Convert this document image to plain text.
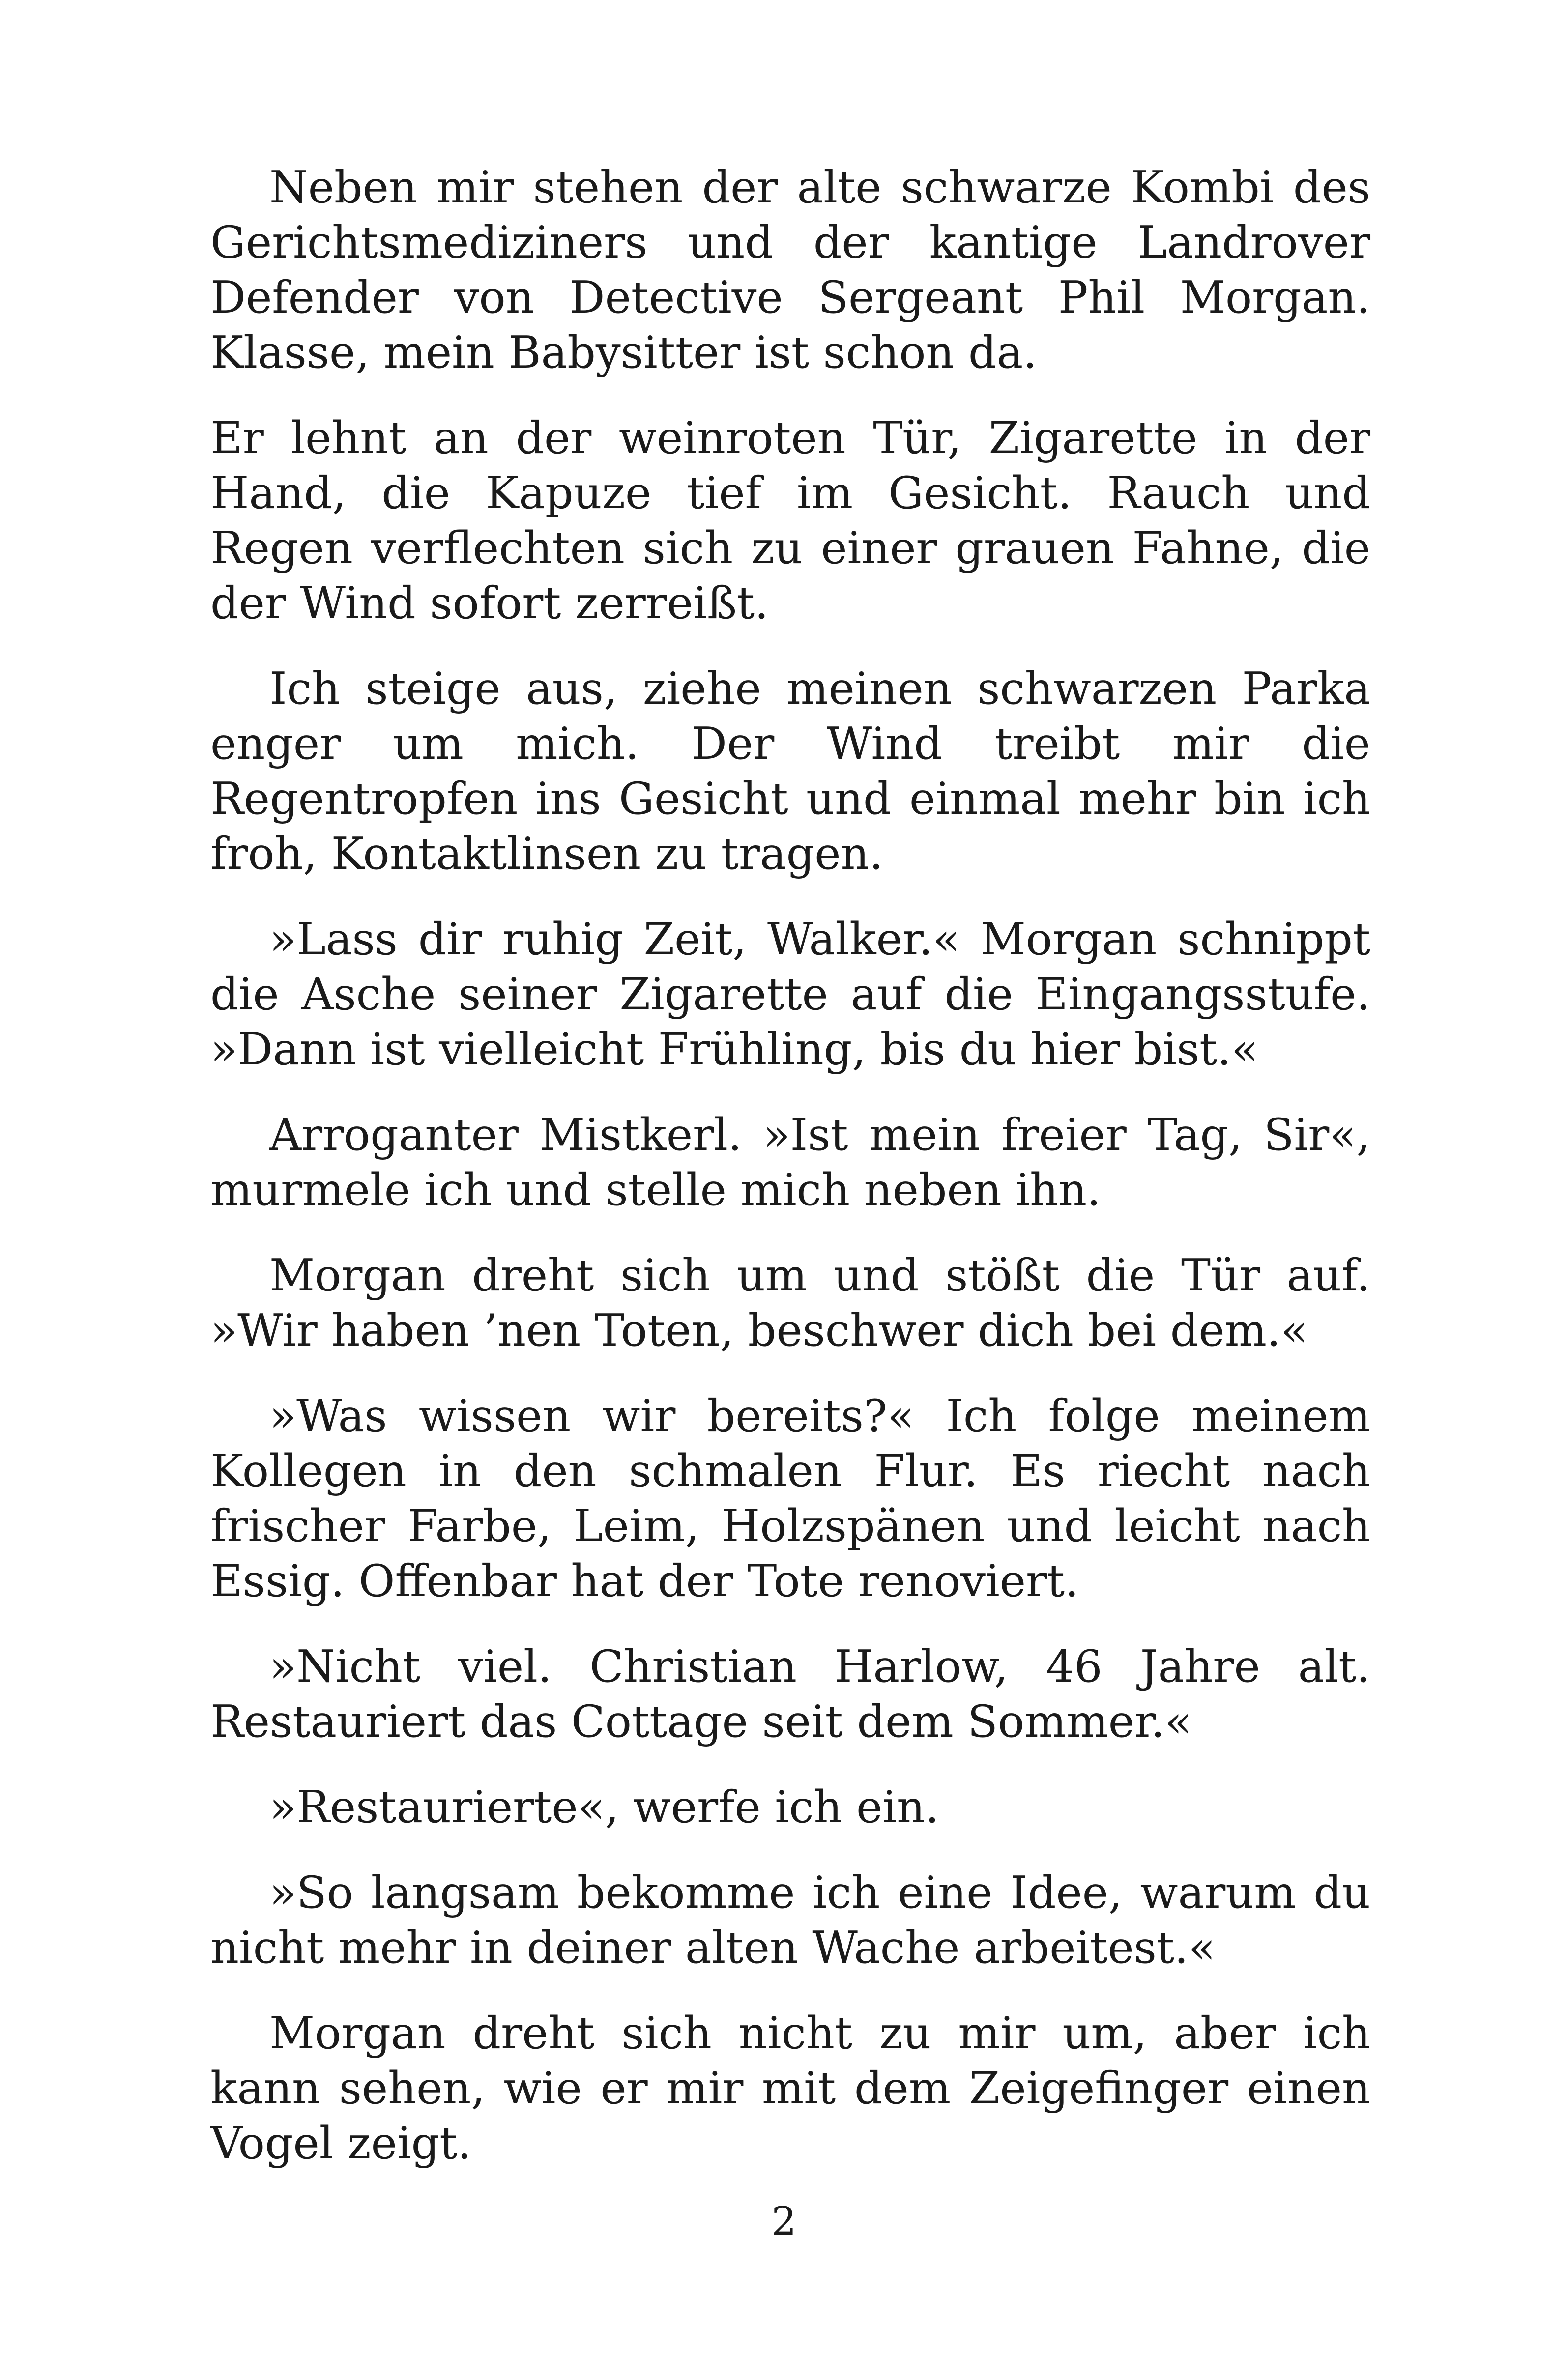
Neben mir stehen der alte schwarze Kombi des Gerichtsmediziners und der kantige Landrover Defender von Detective Sergeant Phil Morgan. Klasse, mein Babysitter ist schon da.

Er lehnt an der weinroten Tür, Zigarette in der Hand, die Kapuze tief im Gesicht. Rauch und Regen verflechten sich zu einer grauen Fahne, die der Wind sofort zerreißt.

Ich steige aus, ziehe meinen schwarzen Parka enger um mich. Der Wind treibt mir die Regentropfen ins Gesicht und einmal mehr bin ich froh, Kontaktlinsen zu tragen.

»Lass dir ruhig Zeit, Walker.« Morgan schnippt die Asche seiner Zigarette auf die Eingangsstufe. »Dann ist vielleicht Frühling, bis du hier bist.«

Arroganter Mistkerl. »Ist mein freier Tag, Sir«, murmele ich und stelle mich neben ihn.

Morgan dreht sich um und stößt die Tür auf. »Wir haben ’nen Toten, beschwer dich bei dem.«

»Was wissen wir bereits?« Ich folge meinem Kollegen in den schmalen Flur. Es riecht nach frischer Farbe, Leim, Holzspänen und leicht nach Essig. Offenbar hat der Tote renoviert.

»Nicht viel. Christian Harlow, 46 Jahre alt. Restauriert das Cottage seit dem Sommer.«

»Restaurierte«, werfe ich ein.

»So langsam bekomme ich eine Idee, warum du nicht mehr in deiner alten Wache arbeitest.«

Morgan dreht sich nicht zu mir um, aber ich kann sehen, wie er mir mit dem Zeigefinger einen Vogel zeigt.

2
